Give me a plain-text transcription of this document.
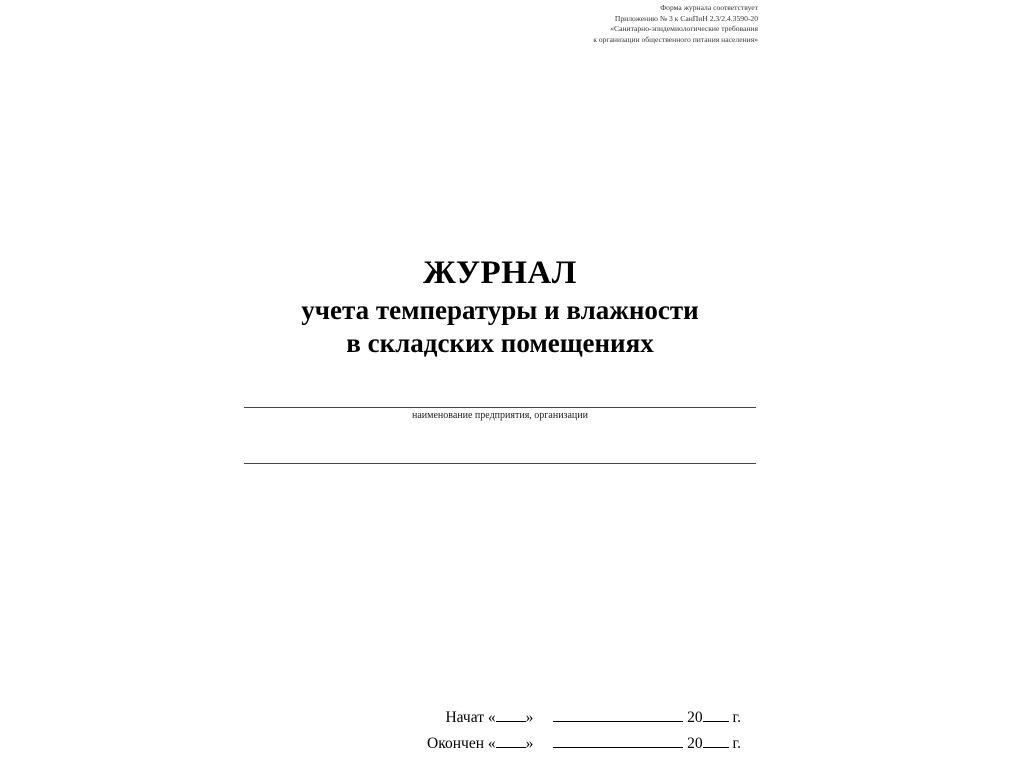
Форма журнала соответствует
Приложению № 3 к СанПиН 2.3/2.4.3590-20
«Санитарно-эпидемиологические требования
к организации общественного питания населения»
ЖУРНАЛ
учета температуры и влажности
в складских помещениях
наименование предприятия, организации
Начат « »	20 г.
Окончен « »	20 г.
